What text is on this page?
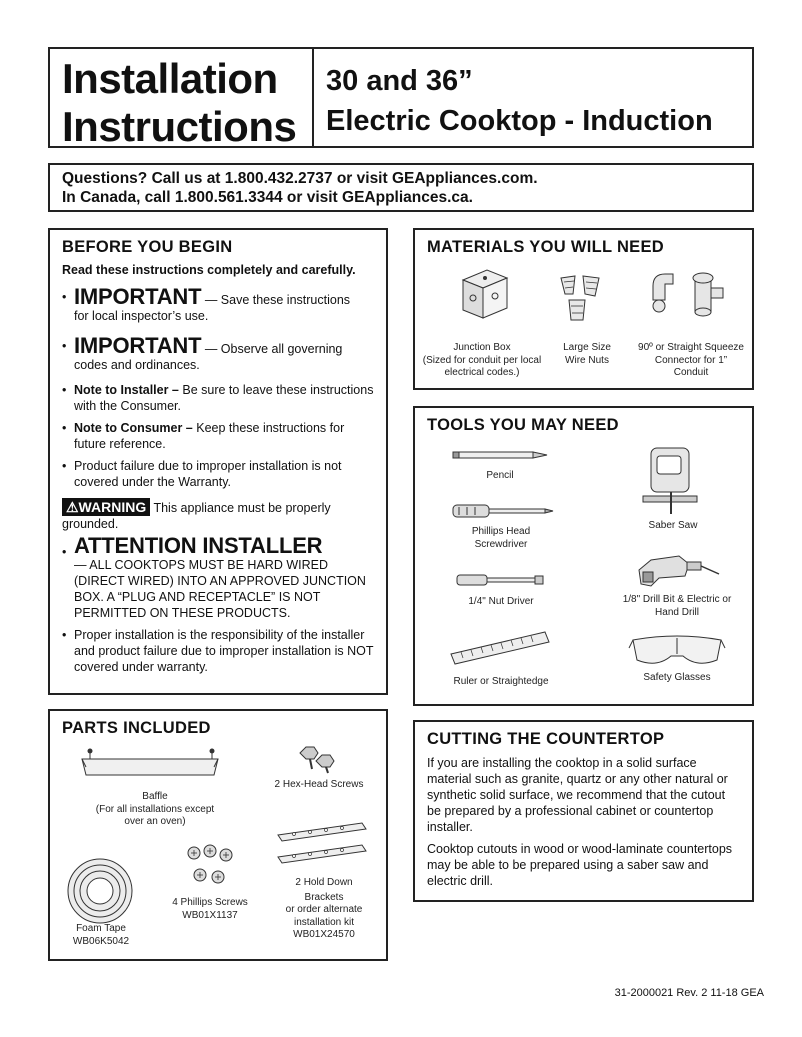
Installation
Instructions
30 and 36”
Electric Cooktop - Induction
Questions? Call us at 1.800.432.2737 or visit GEAppliances.com.
In Canada, call 1.800.561.3344 or visit GEAppliances.ca.
BEFORE YOU BEGIN
Read these instructions completely and carefully.
• IMPORTANT — Save these instructions
for local inspector’s use.
• IMPORTANT — Observe all governing
codes and ordinances.
• Note to Installer – Be sure to leave these instructions with the Consumer.
• Note to Consumer – Keep these instructions for future reference.
• Product failure due to improper installation is not covered under the Warranty.
⚠WARNING This appliance must be properly grounded.
• ATTENTION INSTALLER
— ALL COOKTOPS MUST BE HARD WIRED (DIRECT WIRED) INTO AN APPROVED JUNCTION BOX. A “PLUG AND RECEPTACLE” IS NOT PERMITTED ON THESE PRODUCTS.
• Proper installation is the responsibility of the installer and product failure due to improper installation is NOT covered under warranty.
MATERIALS YOU WILL NEED
Junction Box
(Sized for conduit per local electrical codes.)
Large Size Wire Nuts
90º or Straight Squeeze Connector for 1” Conduit
TOOLS YOU MAY NEED
Pencil
Phillips Head Screwdriver
1/4" Nut Driver
Ruler or Straightedge
Saber Saw
1/8" Drill Bit & Electric or Hand Drill
Safety Glasses
PARTS INCLUDED
Baffle
(For all installations except over an oven)
2 Hex-Head Screws
Foam Tape
WB06K5042
4 Phillips Screws
WB01X1137
2 Hold Down
Brackets
or order alternate
installation kit
WB01X24570
CUTTING THE COUNTERTOP

If you are installing the cooktop in a solid surface material such as granite, quartz or any other natural or synthetic solid surface, we recommend that the cutout be prepared by a professional cabinet or countertop installer.

Cooktop cutouts in wood or wood-laminate countertops may be able to be prepared using a saber saw and electric drill.

31-2000021 Rev. 2 11-18 GEA
